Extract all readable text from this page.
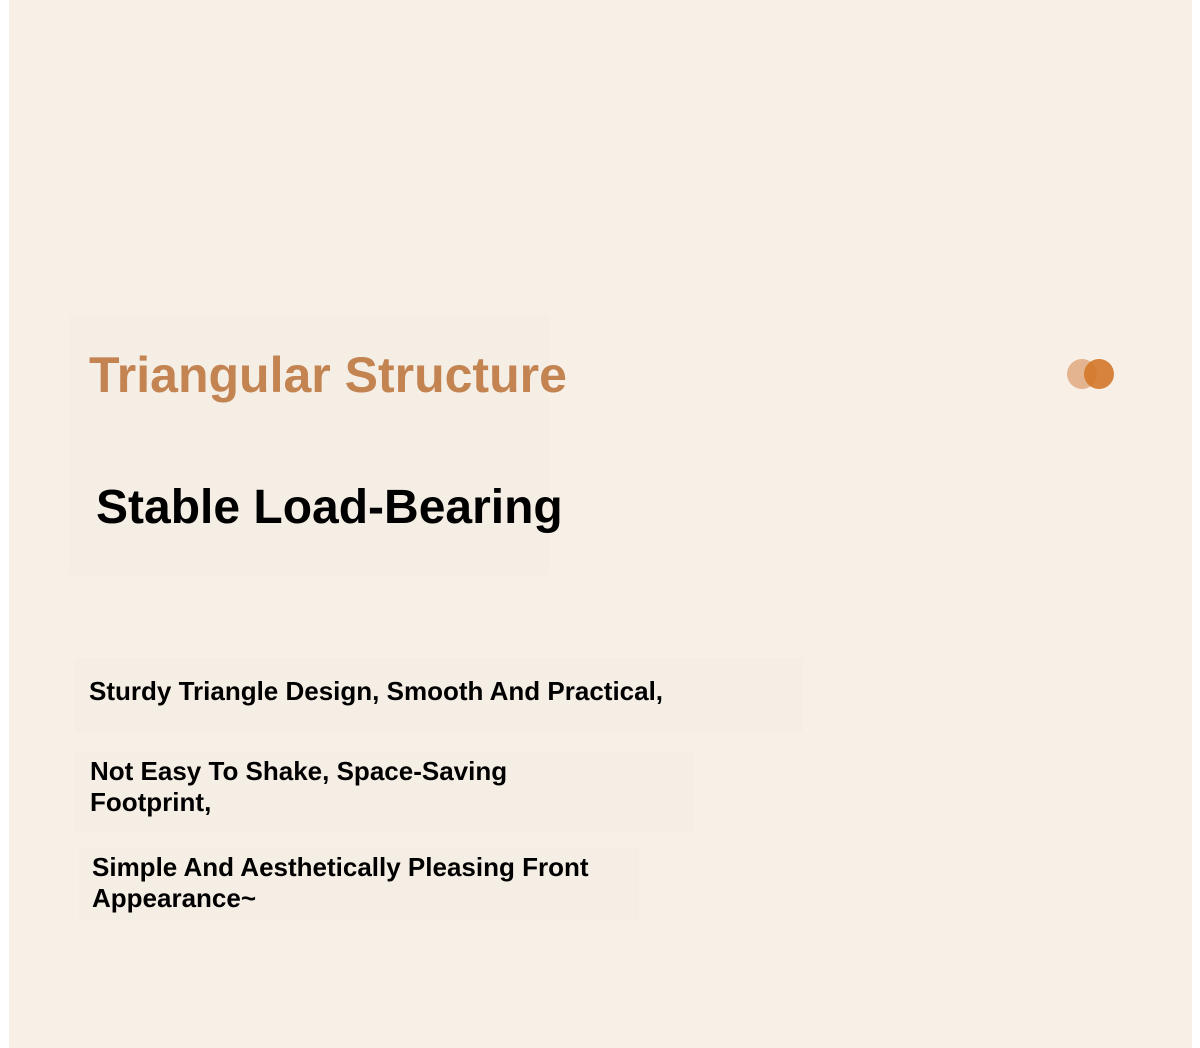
Triangular Structure
Stable Load-Bearing

Sturdy Triangle Design, Smooth And Practical,

Not Easy To Shake, Space-Saving Footprint,

Simple And Aesthetically Pleasing Front Appearance~
